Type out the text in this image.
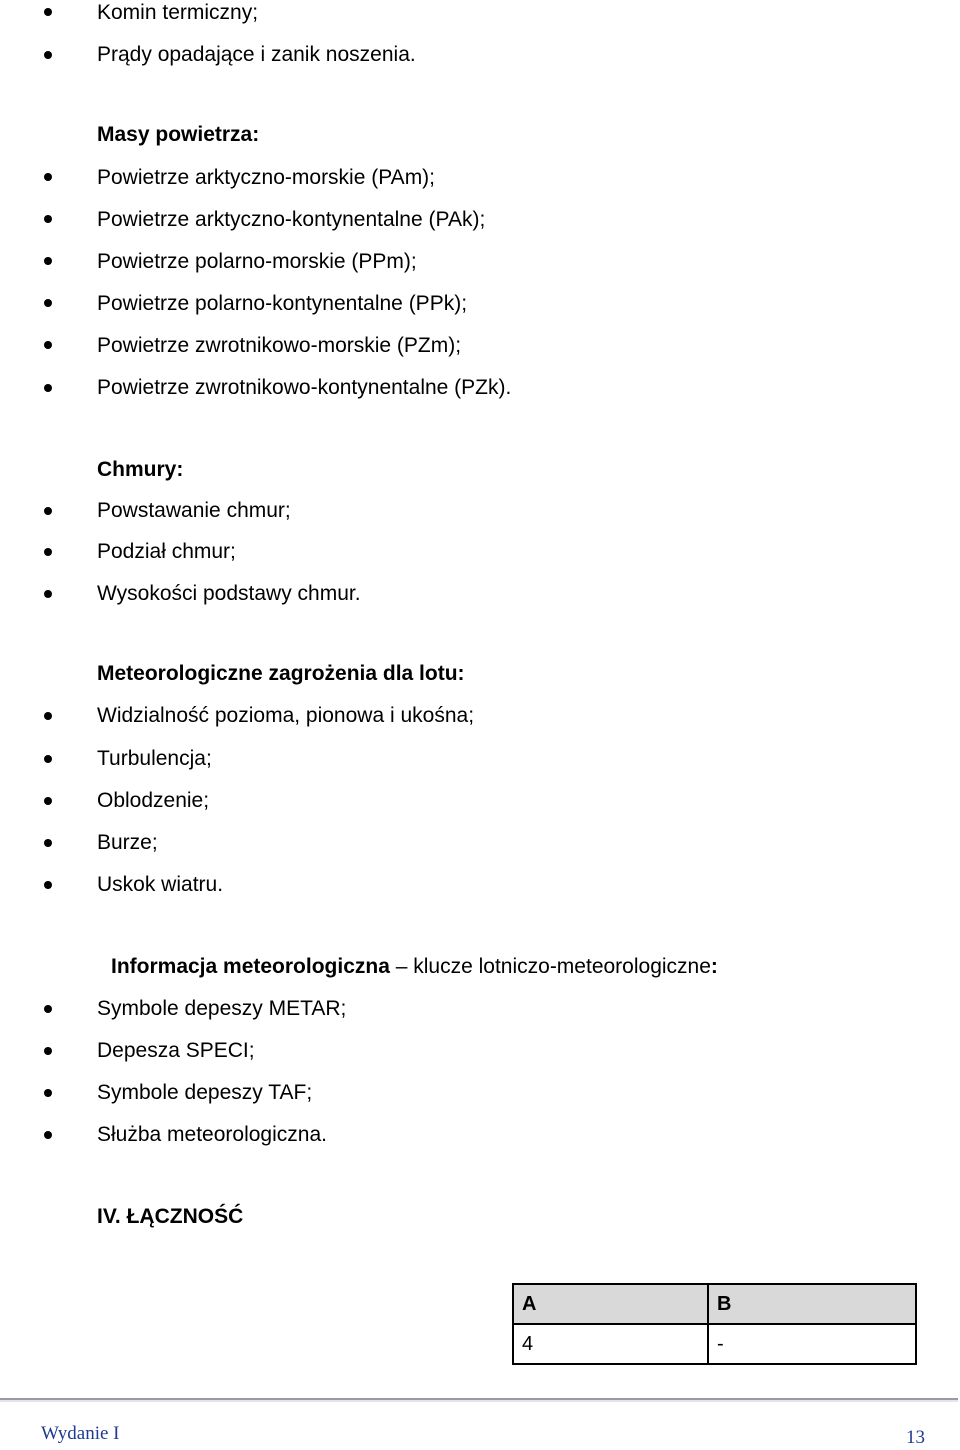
Komin termiczny;
Prądy opadające i zanik noszenia.
Masy powietrza:
Powietrze arktyczno-morskie (PAm);
Powietrze arktyczno-kontynentalne (PAk);
Powietrze polarno-morskie (PPm);
Powietrze polarno-kontynentalne (PPk);
Powietrze zwrotnikowo-morskie (PZm);
Powietrze zwrotnikowo-kontynentalne (PZk).
Chmury:
Powstawanie chmur;
Podział chmur;
Wysokości podstawy chmur.
Meteorologiczne zagrożenia dla lotu:
Widzialność pozioma, pionowa i ukośna;
Turbulencja;
Oblodzenie;
Burze;
Uskok wiatru.
Informacja meteorologiczna – klucze lotniczo-meteorologiczne:
Symbole depeszy METAR;
Depesza SPECI;
Symbole depeszy TAF;
Służba meteorologiczna.
IV. ŁĄCZNOŚĆ
A	B
4	-
Wydanie I	13
